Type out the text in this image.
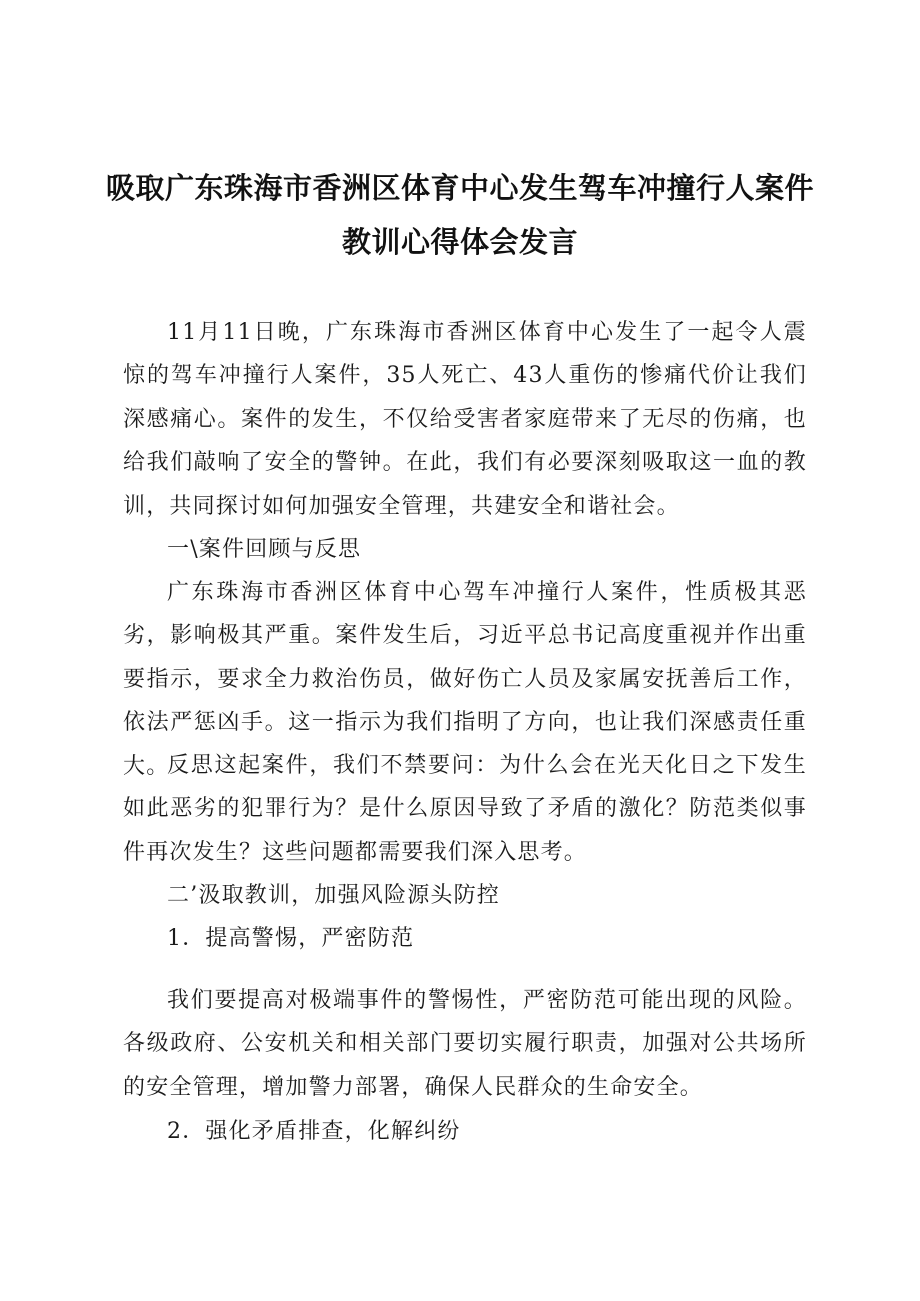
吸取广东珠海市香洲区体育中心发生驾车冲撞行人案件
教训心得体会发言

11月11日晚，广东珠海市香洲区体育中心发生了一起令人震惊的驾车冲撞行人案件，35人死亡、43人重伤的惨痛代价让我们深感痛心。案件的发生，不仅给受害者家庭带来了无尽的伤痛，也给我们敲响了安全的警钟。在此，我们有必要深刻吸取这一血的教训，共同探讨如何加强安全管理，共建安全和谐社会。

一\案件回顾与反思

广东珠海市香洲区体育中心驾车冲撞行人案件，性质极其恶劣，影响极其严重。案件发生后，习近平总书记高度重视并作出重要指示，要求全力救治伤员，做好伤亡人员及家属安抚善后工作，依法严惩凶手。这一指示为我们指明了方向，也让我们深感责任重大。

反思这起案件，我们不禁要问：为什么会在光天化日之下发生如此恶劣的犯罪行为？是什么原因导致了矛盾的激化？防范类似事件再次发生？这些问题都需要我们深入思考。

二’汲取教训，加强风险源头防控

1．提高警惕，严密防范

我们要提高对极端事件的警惕性，严密防范可能出现的风险。各级政府、公安机关和相关部门要切实履行职责，加强对公共场所的安全管理，增加警力部署，确保人民群众的生命安全。

2．强化矛盾排查，化解纠纷
